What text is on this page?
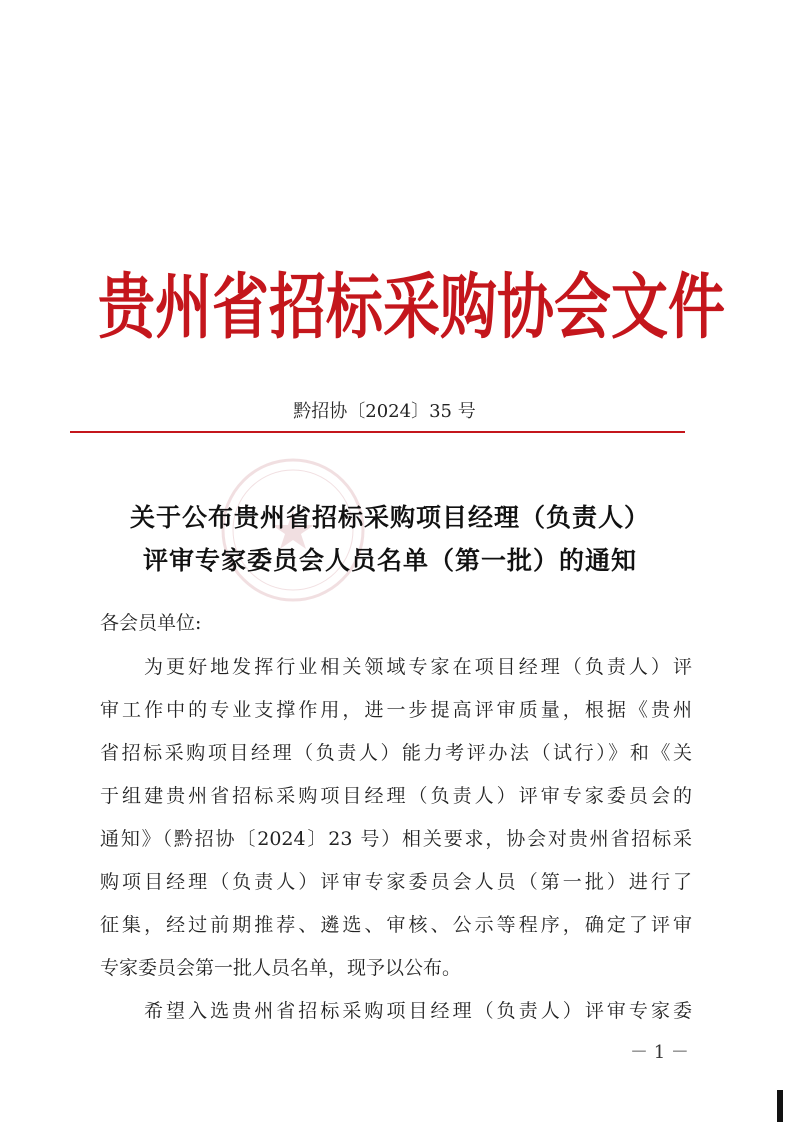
贵州省招标采购协会文件
黔招协〔2024〕35 号
关于公布贵州省招标采购项目经理（负责人）
评审专家委员会人员名单（第一批）的通知
各会员单位:
为更好地发挥行业相关领域专家在项目经理（负责人）评
审工作中的专业支撑作用，进一步提高评审质量，根据《贵州
省招标采购项目经理（负责人）能力考评办法（试行）》和《关
于组建贵州省招标采购项目经理（负责人）评审专家委员会的
通知》（黔招协〔2024〕23 号）相关要求，协会对贵州省招标采
购项目经理（负责人）评审专家委员会人员（第一批）进行了
征集，经过前期推荐、遴选、审核、公示等程序，确定了评审
专家委员会第一批人员名单，现予以公布。
希望入选贵州省招标采购项目经理（负责人）评审专家委
－ 1 －
